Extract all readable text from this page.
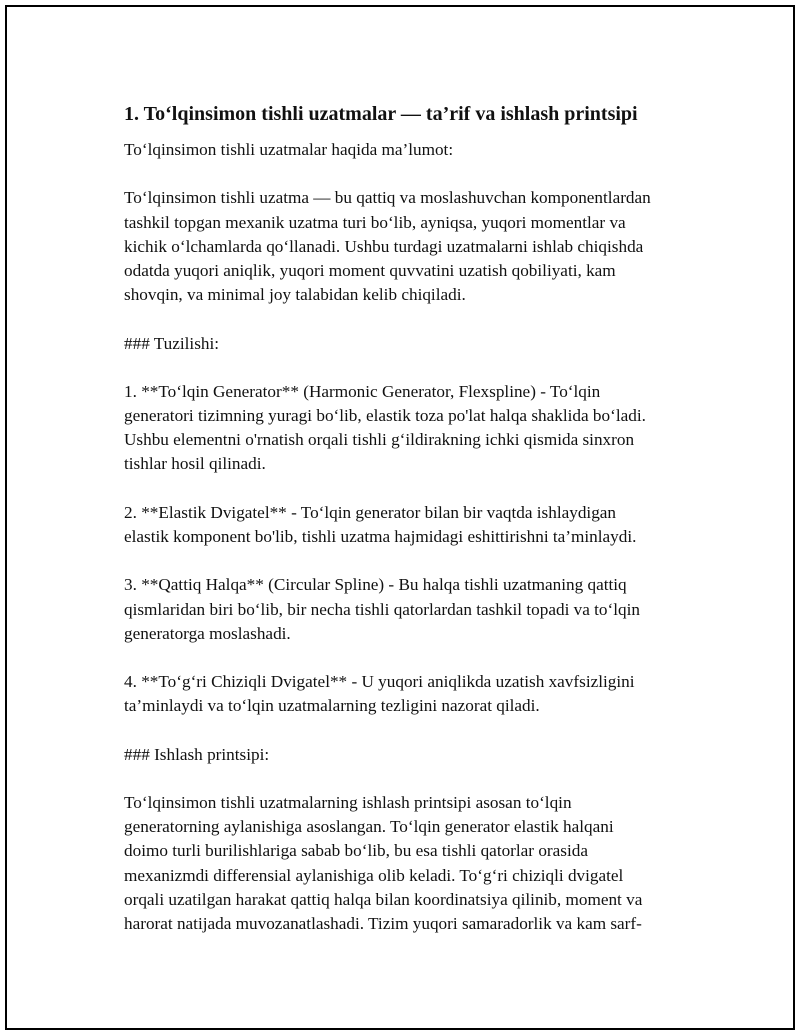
1. To‘lqinsimon tishli uzatmalar — ta’rif va ishlash printsipi
To‘lqinsimon tishli uzatmalar haqida ma’lumot:
To‘lqinsimon tishli uzatma — bu qattiq va moslashuvchan komponentlardan
tashkil topgan mexanik uzatma turi bo‘lib, ayniqsa, yuqori momentlar va
kichik o‘lchamlarda qo‘llanadi. Ushbu turdagi uzatmalarni ishlab chiqishda
odatda yuqori aniqlik, yuqori moment quvvatini uzatish qobiliyati, kam
shovqin, va minimal joy talabidan kelib chiqiladi.
### Tuzilishi:
1. **To‘lqin Generator** (Harmonic Generator, Flexspline) - To‘lqin
generatori tizimning yuragi bo‘lib, elastik toza po'lat halqa shaklida bo‘ladi.
Ushbu elementni o'rnatish orqali tishli g‘ildirakning ichki qismida sinxron
tishlar hosil qilinadi.
2. **Elastik Dvigatel** - To‘lqin generator bilan bir vaqtda ishlaydigan
elastik komponent bo'lib, tishli uzatma hajmidagi eshittirishni ta’minlaydi.
3. **Qattiq Halqa** (Circular Spline) - Bu halqa tishli uzatmaning qattiq
qismlaridan biri bo‘lib, bir necha tishli qatorlardan tashkil topadi va to‘lqin
generatorga moslashadi.
4. **To‘g‘ri Chiziqli Dvigatel** - U yuqori aniqlikda uzatish xavfsizligini
ta’minlaydi va to‘lqin uzatmalarning tezligini nazorat qiladi.
### Ishlash printsipi:
To‘lqinsimon tishli uzatmalarning ishlash printsipi asosan to‘lqin
generatorning aylanishiga asoslangan. To‘lqin generator elastik halqani
doimo turli burilishlariga sabab bo‘lib, bu esa tishli qatorlar orasida
mexanizmdi differensial aylanishiga olib keladi. To‘g‘ri chiziqli dvigatel
orqali uzatilgan harakat qattiq halqa bilan koordinatsiya qilinib, moment va
harorat natijada muvozanatlashadi. Tizim yuqori samaradorlik va kam sarf-
